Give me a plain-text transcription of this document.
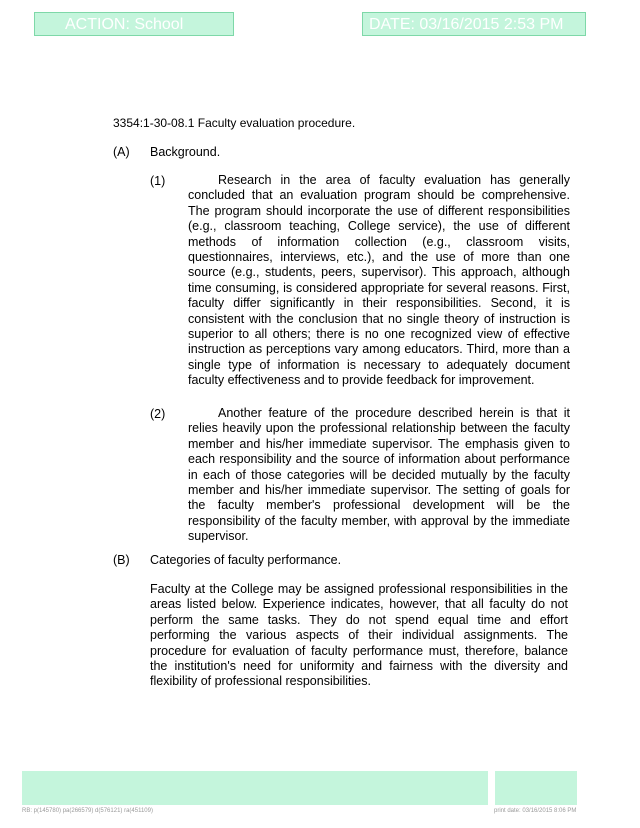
ACTION: School	DATE: 03/16/2015 2:53 PM
3354:1-30-08.1 Faculty evaluation procedure.
(A) Background.
(1)	Research in the area of faculty evaluation has generally concluded that an evaluation program should be comprehensive. The program should incorporate the use of different responsibilities (e.g., classroom teaching, College service), the use of different methods of information collection (e.g., classroom visits, questionnaires, interviews, etc.), and the use of more than one source (e.g., students, peers, supervisor). This approach, although time consuming, is considered appropriate for several reasons. First, faculty differ significantly in their responsibilities. Second, it is consistent with the conclusion that no single theory of instruction is superior to all others; there is no one recognized view of effective instruction as perceptions vary among educators. Third, more than a single type of information is necessary to adequately document faculty effectiveness and to provide feedback for improvement.

(2)	Another feature of the procedure described herein is that it relies heavily upon the professional relationship between the faculty member and his/her immediate supervisor. The emphasis given to each responsibility and the source of information about performance in each of those categories will be decided mutually by the faculty member and his/her immediate supervisor. The setting of goals for the faculty member's professional development will be the responsibility of the faculty member, with approval by the immediate supervisor.

(B) Categories of faculty performance.

Faculty at the College may be assigned professional responsibilities in the areas listed below. Experience indicates, however, that all faculty do not perform the same tasks. They do not spend equal time and effort performing the various aspects of their individual assignments. The procedure for evaluation of faculty performance must, therefore, balance the institution's need for uniformity and fairness with the diversity and flexibility of professional responsibilities.

RB: p(145780) pa(266579) d(576121) ra(451109)	print date: 03/16/2015 8:06 PM
